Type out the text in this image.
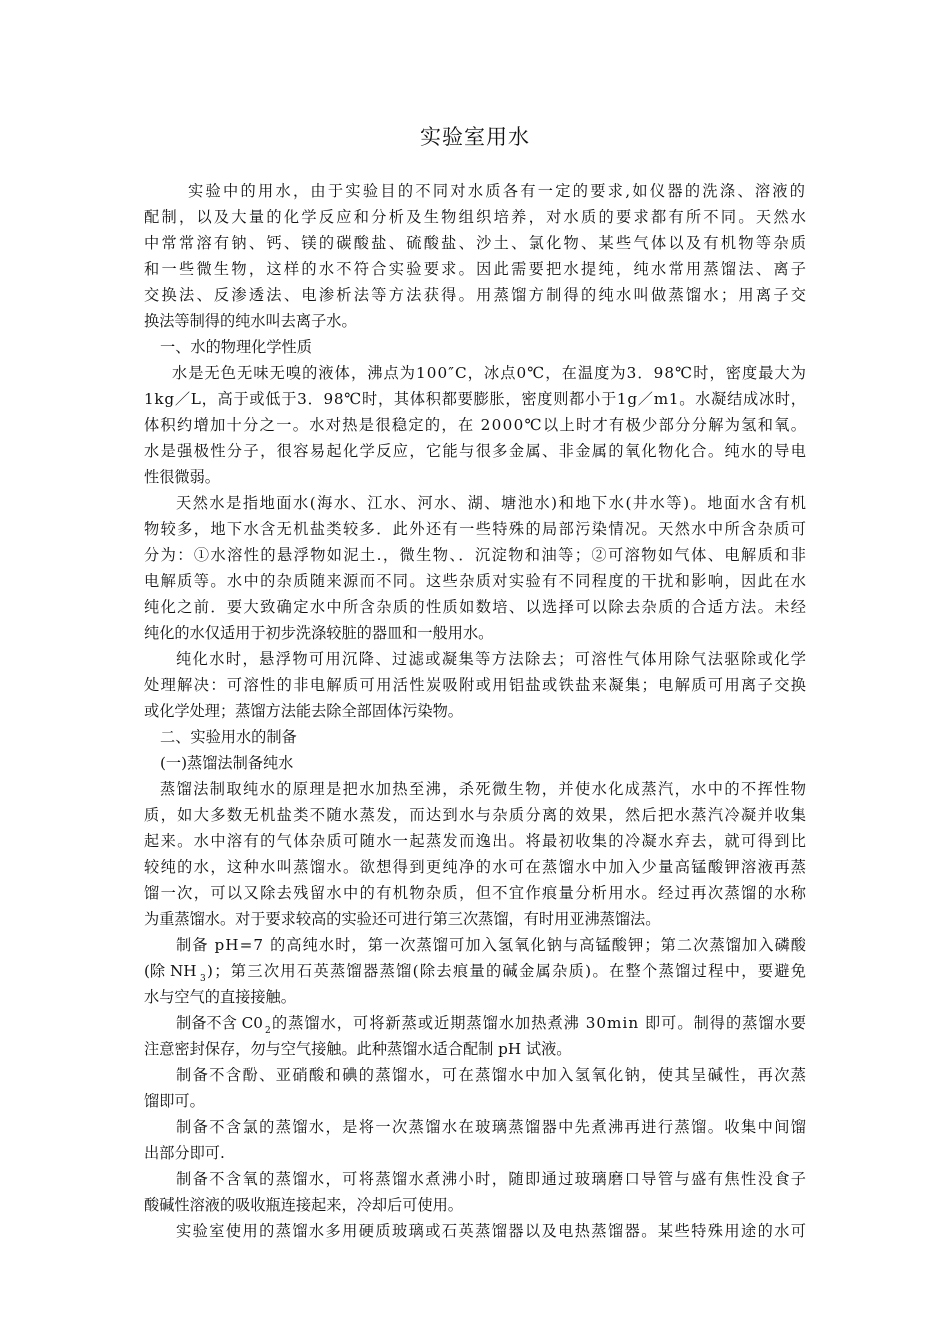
实验室用水
实验中的用水，由于实验目的不同对水质各有一定的要求,如仪器的洗涤、溶液的
配制，以及大量的化学反应和分析及生物组织培养，对水质的要求都有所不同。天然水
中常常溶有钠、钙、镁的碳酸盐、硫酸盐、沙土、氯化物、某些气体以及有机物等杂质
和一些微生物，这样的水不符合实验要求。因此需要把水提纯，纯水常用蒸馏法、离子
交换法、反渗透法、电渗析法等方法获得。用蒸馏方制得的纯水叫做蒸馏水；用离子交
换法等制得的纯水叫去离子水。
一、水的物理化学性质
水是无色无味无嗅的液体，沸点为100″C，冰点0℃，在温度为3．98℃时，密度最大为
1kg／L，高于或低于3．98℃时，其体积都要膨胀，密度则都小于1g／m1。水凝结成冰时，
体积约增加十分之一。水对热是很稳定的，在 2000℃以上时才有极少部分分解为氢和氧。
水是强极性分子，很容易起化学反应，它能与很多金属、非金属的氧化物化合。纯水的导电
性很微弱。
天然水是指地面水(海水、江水、河水、湖、塘池水)和地下水(井水等)。地面水含有机
物较多，地下水含无机盐类较多．此外还有一些特殊的局部污染情况。天然水中所含杂质可
分为：①水溶性的悬浮物如泥土.，微生物、．沉淀物和油等；②可溶物如气体、电解质和非
电解质等。水中的杂质随来源而不同。这些杂质对实验有不同程度的干扰和影响，因此在水
纯化之前．要大致确定水中所含杂质的性质如数培、以选择可以除去杂质的合适方法。未经
纯化的水仅适用于初步洗涤较脏的器皿和一般用水。
纯化水时，悬浮物可用沉降、过滤或凝集等方法除去；可溶性气体用除气法驱除或化学
处理解决：可溶性的非电解质可用活性炭吸附或用铝盐或铁盐来凝集；电解质可用离子交换
或化学处理；蒸馏方法能去除全部固体污染物。
二、实验用水的制备
(一)蒸馏法制备纯水
蒸馏法制取纯水的原理是把水加热至沸，杀死微生物，并使水化成蒸汽，水中的不挥性物
质，如大多数无机盐类不随水蒸发，而达到水与杂质分离的效果，然后把水蒸汽冷凝并收集
起来。水中溶有的气体杂质可随水一起蒸发而逸出。将最初收集的冷凝水弃去，就可得到比
较纯的水，这种水叫蒸馏水。欲想得到更纯净的水可在蒸馏水中加入少量高锰酸钾溶液再蒸
馏一次，可以又除去残留水中的有机物杂质，但不宜作痕量分析用水。经过再次蒸馏的水称
为重蒸馏水。对于要求较高的实验还可进行第三次蒸馏，有时用亚沸蒸馏法。
制备 pH=7 的高纯水时，第一次蒸馏可加入氢氧化钠与高锰酸钾；第二次蒸馏加入磷酸
(除 NH 3 )；第三次用石英蒸馏器蒸馏(除去痕量的碱金属杂质)。在整个蒸馏过程中，要避免
水与空气的直接接触。
制备不含 C0 2 的蒸馏水，可将新蒸或近期蒸馏水加热煮沸 30min 即可。制得的蒸馏水要
注意密封保存，勿与空气接触。此种蒸馏水适合配制 pH 试液。
制备不含酚、亚硝酸和碘的蒸馏水，可在蒸馏水中加入氢氧化钠，使其呈碱性，再次蒸
馏即可。
制备不含氯的蒸馏水，是将一次蒸馏水在玻璃蒸馏器中先煮沸再进行蒸馏。收集中间馏
出部分即可.
制备不含氧的蒸馏水，可将蒸馏水煮沸小时，随即通过玻璃磨口导管与盛有焦性没食子
酸碱性溶液的吸收瓶连接起来，冷却后可使用。
实验室使用的蒸馏水多用硬质玻璃或石英蒸馏器以及电热蒸馏器。某些特殊用途的水可
